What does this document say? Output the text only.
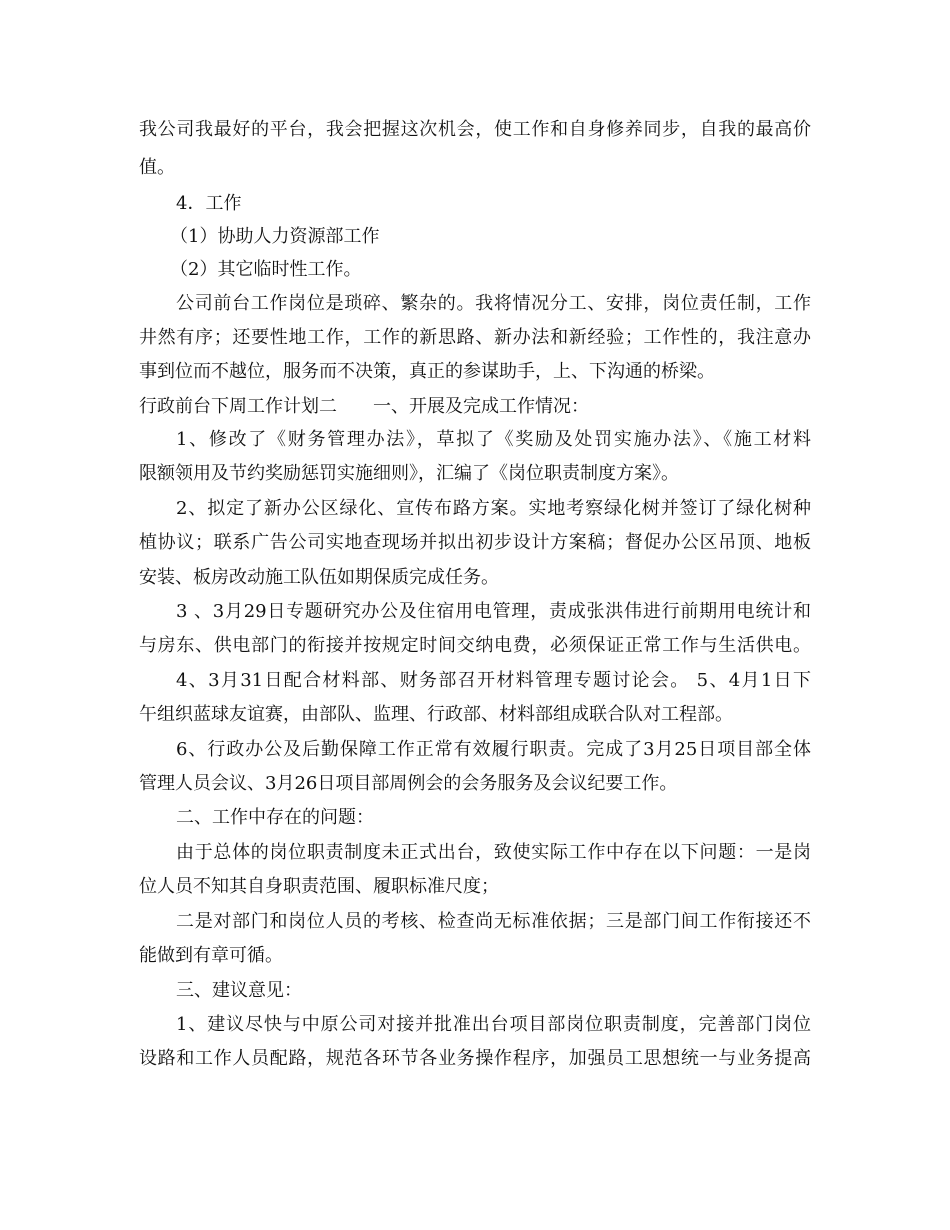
我公司我最好的平台，我会把握这次机会，使工作和自身修养同步，自我的最高价
值。
4．工作
（1）协助人力资源部工作
（2）其它临时性工作。
公司前台工作岗位是琐碎、繁杂的。我将情况分工、安排，岗位责任制，工作
井然有序；还要性地工作，工作的新思路、新办法和新经验；工作性的，我注意办
事到位而不越位，服务而不决策，真正的参谋助手，上、下沟通的桥梁。
行政前台下周工作计划二　　一、开展及完成工作情况：
1、修改了《财务管理办法》，草拟了《奖励及处罚实施办法》、《施工材料
限额领用及节约奖励惩罚实施细则》，汇编了《岗位职责制度方案》。
2、拟定了新办公区绿化、宣传布路方案。实地考察绿化树并签订了绿化树种
植协议；联系广告公司实地查现场并拟出初步设计方案稿；督促办公区吊顶、地板
安装、板房改动施工队伍如期保质完成任务。
3 、3月29日专题研究办公及住宿用电管理，责成张洪伟进行前期用电统计和
与房东、供电部门的衔接并按规定时间交纳电费，必须保证正常工作与生活供电。
4、3月31日配合材料部、财务部召开材料管理专题讨论会。 5、4月1日下
午组织蓝球友谊赛，由部队、监理、行政部、材料部组成联合队对工程部。
6、行政办公及后勤保障工作正常有效履行职责。完成了3月25日项目部全体
管理人员会议、3月26日项目部周例会的会务服务及会议纪要工作。
二、工作中存在的问题：
由于总体的岗位职责制度未正式出台，致使实际工作中存在以下问题：一是岗
位人员不知其自身职责范围、履职标准尺度；
二是对部门和岗位人员的考核、检查尚无标准依据；三是部门间工作衔接还不
能做到有章可循。
三、建议意见：
1、建议尽快与中原公司对接并批准出台项目部岗位职责制度，完善部门岗位
设路和工作人员配路，规范各环节各业务操作程序，加强员工思想统一与业务提高
